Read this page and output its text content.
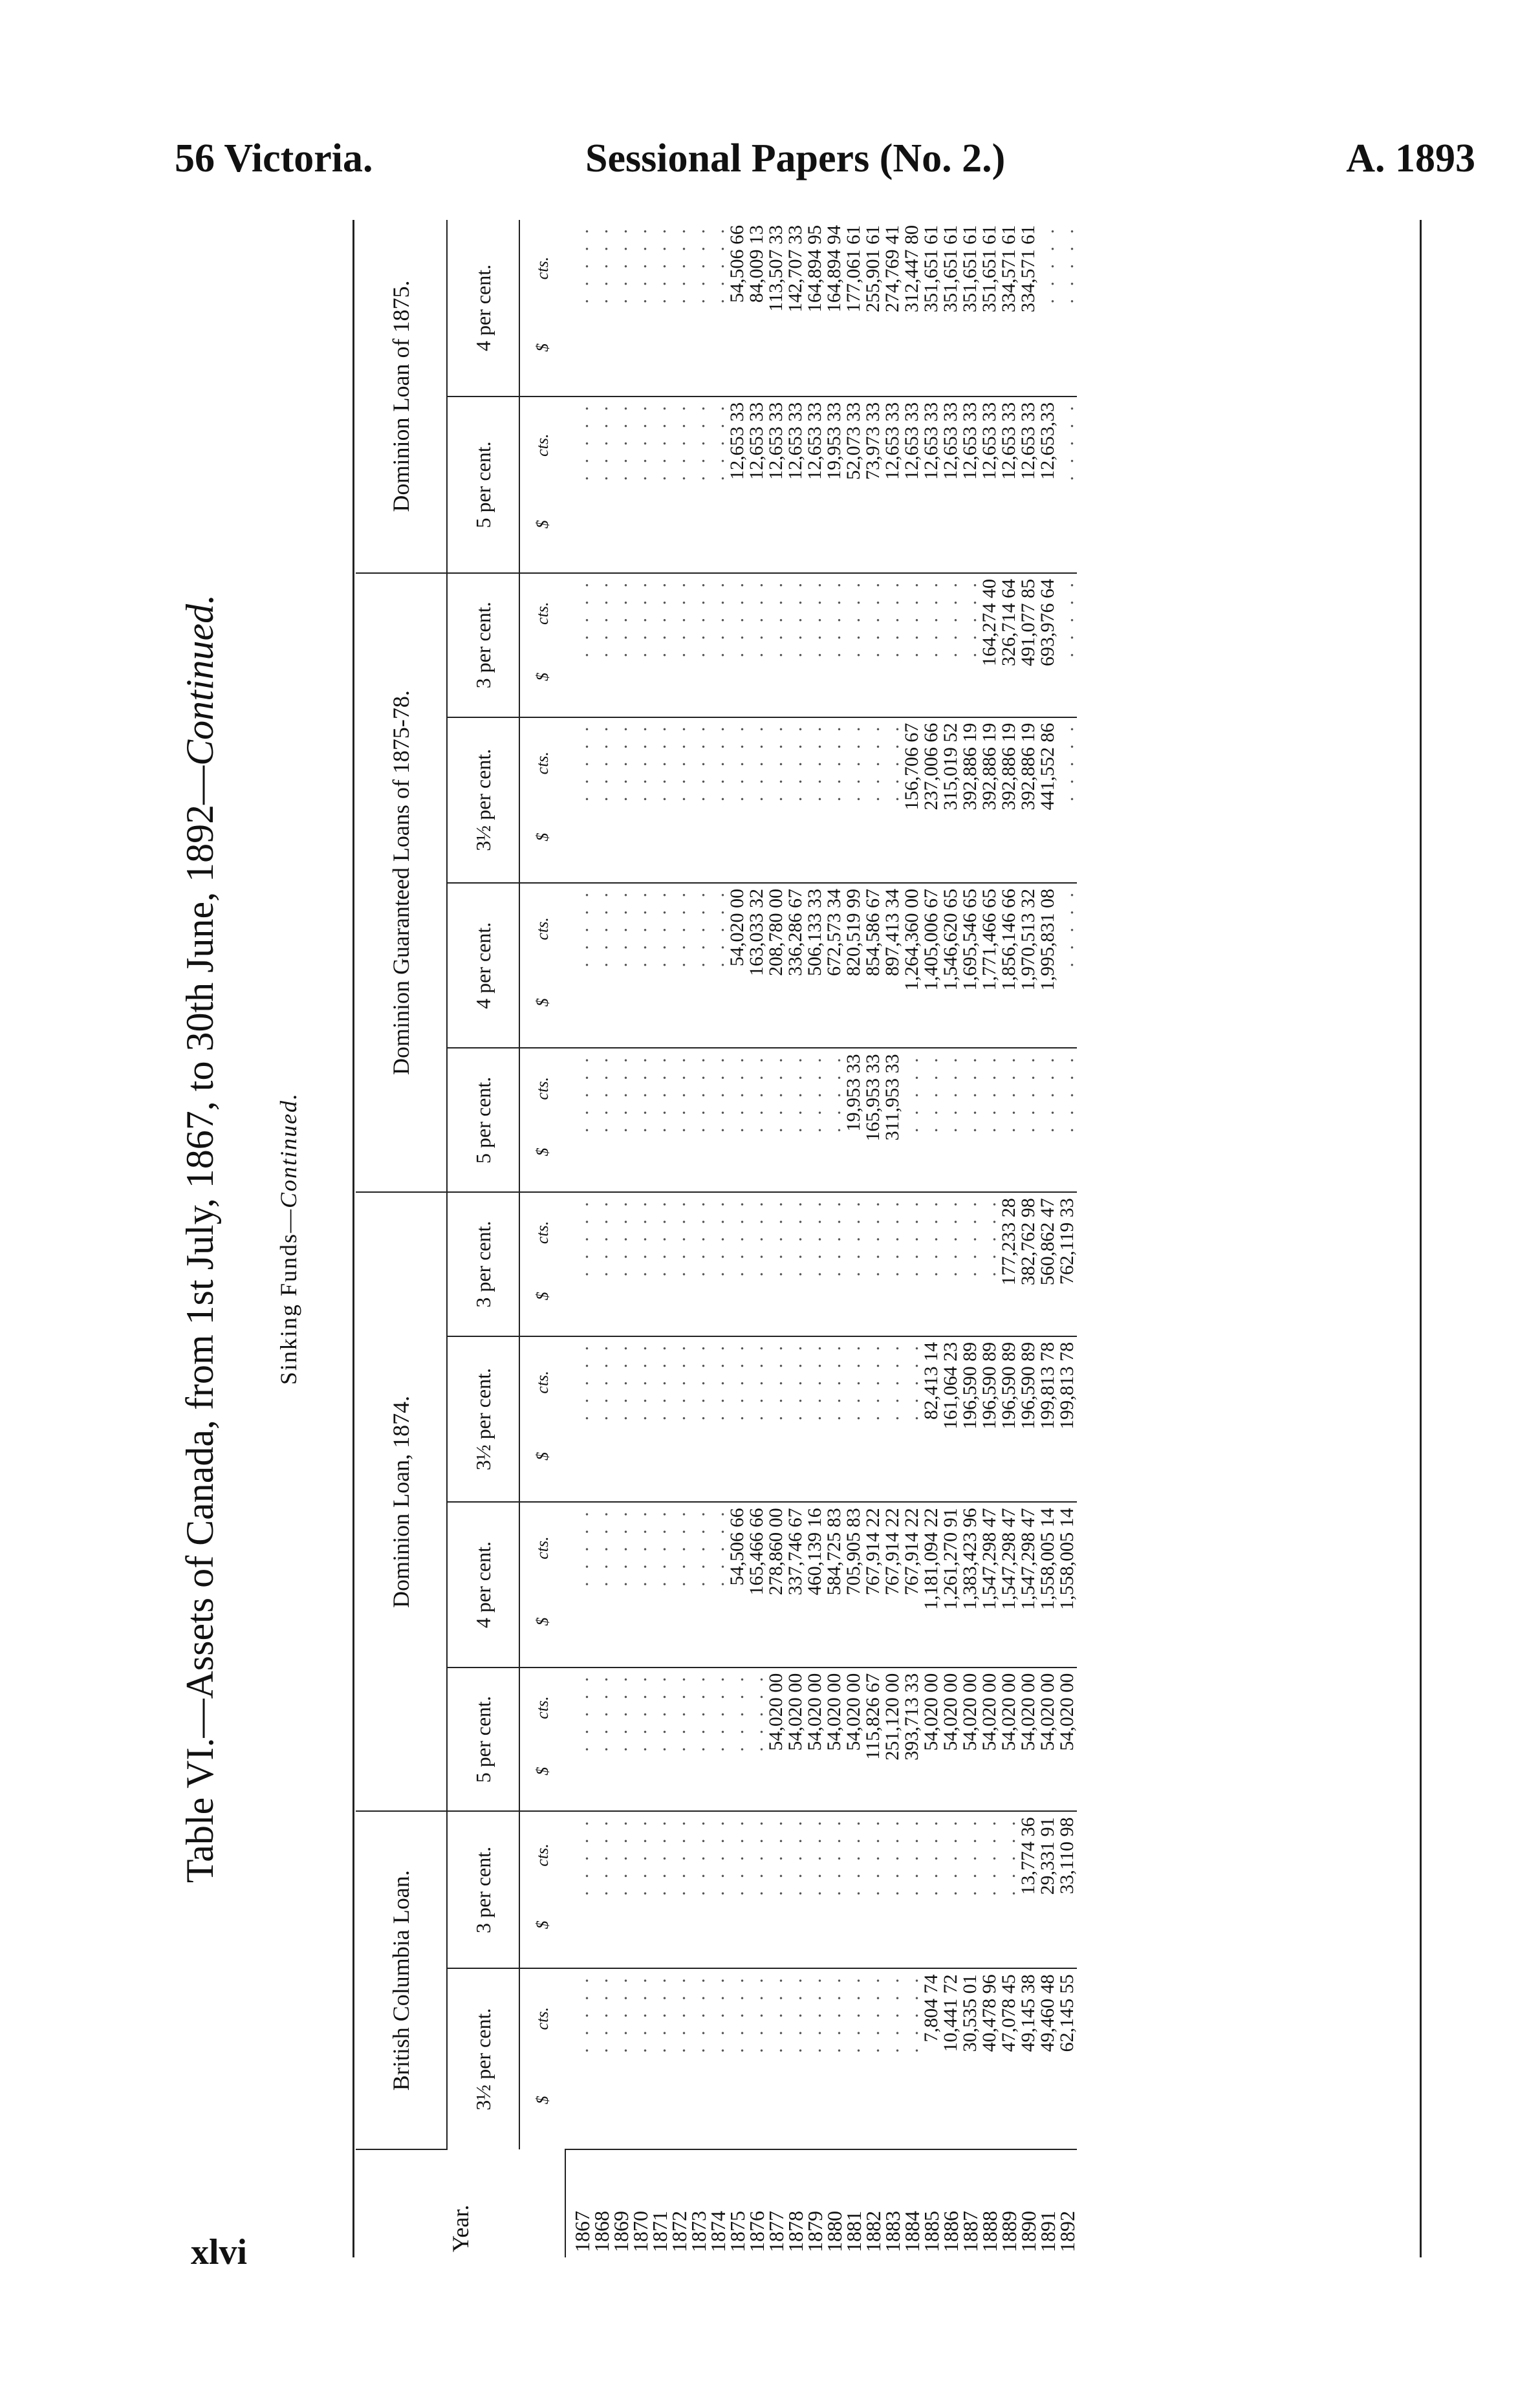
56 Victoria.	Sessional Papers (No. 2.)	A. 1893
Table VI.—Assets of Canada, from 1st July, 1867, to 30th June, 1892—Continued.
Sinking Funds—Continued.
Year.	British Columbia Loan.		Dominion Loan, 1874.				Dominion Guaranteed Loans of 1875-78.				Dominion Loan of 1875.	
	3½ per cent.	3 per cent.	5 per cent.	4 per cent.	3½ per cent.	3 per cent.	5 per cent.	4 per cent.	3½ per cent.	3 per cent.	5 per cent.	4 per cent.
	$cts.	$cts.	$cts.	$cts.	$cts.	$cts.	$cts.	$cts.	$cts.	$cts.	$cts.	$cts.
1867	. . . . .	. . . . .	. . . . .	. . . . .	. . . . .	. . . . .	. . . . .	. . . . .	. . . . .	. . . . .	. . . . .	. . . . .
1868	. . . . .	. . . . .	. . . . .	. . . . .	. . . . .	. . . . .	. . . . .	. . . . .	. . . . .	. . . . .	. . . . .	. . . . .
1869	. . . . .	. . . . .	. . . . .	. . . . .	. . . . .	. . . . .	. . . . .	. . . . .	. . . . .	. . . . .	. . . . .	. . . . .
1870	. . . . .	. . . . .	. . . . .	. . . . .	. . . . .	. . . . .	. . . . .	. . . . .	. . . . .	. . . . .	. . . . .	. . . . .
1871	. . . . .	. . . . .	. . . . .	. . . . .	. . . . .	. . . . .	. . . . .	. . . . .	. . . . .	. . . . .	. . . . .	. . . . .
1872	. . . . .	. . . . .	. . . . .	. . . . .	. . . . .	. . . . .	. . . . .	. . . . .	. . . . .	. . . . .	. . . . .	. . . . .
1873	. . . . .	. . . . .	. . . . .	. . . . .	. . . . .	. . . . .	. . . . .	. . . . .	. . . . .	. . . . .	. . . . .	. . . . .
1874	. . . . .	. . . . .	. . . . .	. . . . .	. . . . .	. . . . .	. . . . .	. . . . .	. . . . .	. . . . .	. . . . .	. . . . .
1875	. . . . .	. . . . .	. . . . .	54,506 66	. . . . .	. . . . .	. . . . .	54,020 00	. . . . .	. . . . .	12,653 33	54,506 66
1876	. . . . .	. . . . .	. . . . .	165,466 66	. . . . .	. . . . .	. . . . .	163,033 32	. . . . .	. . . . .	12,653 33	84,009 13
1877	. . . . .	. . . . .	54,020 00	278,860 00	. . . . .	. . . . .	. . . . .	208,780 00	. . . . .	. . . . .	12,653 33	113,507 33
1878	. . . . .	. . . . .	54,020 00	337,746 67	. . . . .	. . . . .	. . . . .	336,286 67	. . . . .	. . . . .	12,653 33	142,707 33
1879	. . . . .	. . . . .	54,020 00	460,139 16	. . . . .	. . . . .	. . . . .	506,133 33	. . . . .	. . . . .	12,653 33	164,894 95
1880	. . . . .	. . . . .	54,020 00	584,725 83	. . . . .	. . . . .	. . . . .	672,573 34	. . . . .	. . . . .	19,953 33	164,894 94
1881	. . . . .	. . . . .	54,020 00	705,905 83	. . . . .	. . . . .	19,953 33	820,519 99	. . . . .	. . . . .	52,073 33	177,061 61
1882	. . . . .	. . . . .	115,826 67	767,914 22	. . . . .	. . . . .	165,953 33	854,586 67	. . . . .	. . . . .	73,973 33	255,901 61
1883	. . . . .	. . . . .	251,120 00	767,914 22	. . . . .	. . . . .	311,953 33	897,413 34	. . . . .	. . . . .	12,653 33	274,769 41
1884	. . . . .	. . . . .	393,713 33	767,914 22	. . . . .	. . . . .	. . . . .	1,264,360 00	156,706 67	. . . . .	12,653 33	312,447 80
1885	7,804 74	. . . . .	54,020 00	1,181,094 22	82,413 14	. . . . .	. . . . .	1,405,006 67	237,006 66	. . . . .	12,653 33	351,651 61
1886	10,441 72	. . . . .	54,020 00	1,261,270 91	161,064 23	. . . . .	. . . . .	1,546,620 65	315,019 52	. . . . .	12,653 33	351,651 61
1887	30,535 01	. . . . .	54,020 00	1,383,423 96	196,590 89	. . . . .	. . . . .	1,695,546 65	392,886 19	. . . . .	12,653 33	351,651 61
1888	40,478 96	. . . . .	54,020 00	1,547,298 47	196,590 89	. . . . .	. . . . .	1,771,466 65	392,886 19	164,274 40	12,653 33	351,651 61
1889	47,078 45	. . . . .	54,020 00	1,547,298 47	196,590 89	177,233 28	. . . . .	1,856,146 66	392,886 19	326,714 64	12,653 33	334,571 61
1890	49,145 38	13,774 36	54,020 00	1,547,298 47	196,590 89	382,762 98	. . . . .	1,970,513 32	392,886 19	491,077 85	12,653 33	334,571 61
1891	49,460 48	29,331 91	54,020 00	1,558,005 14	199,813 78	560,862 47	. . . . .	1,995,831 08	441,552 86	693,976 64	12,653,33	. . . . .
1892	62,145 55	33,110 98	54,020 00	1,558,005 14	199,813 78	762,119 33	. . . . .	. . . . .	. . . . .	. . . . .	. . . . .	. . . . .
xlvi
